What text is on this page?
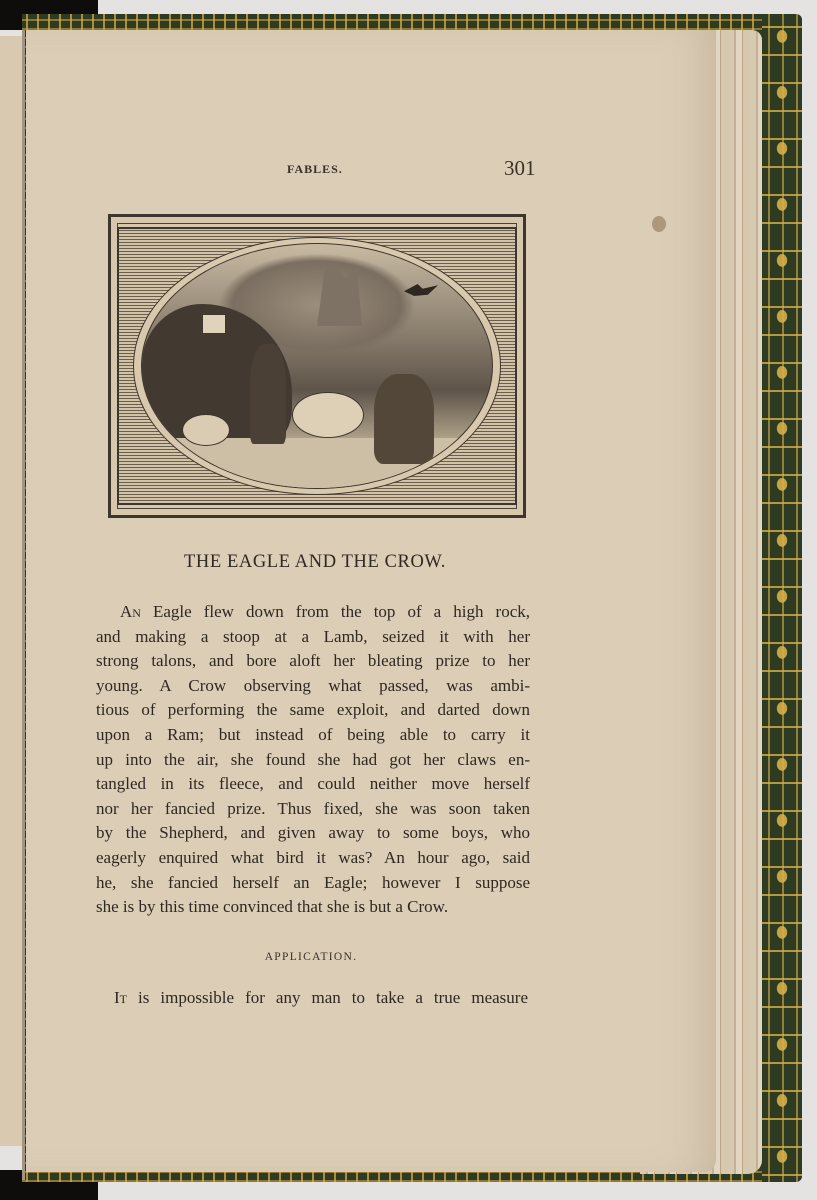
FABLES.	301
THE EAGLE AND THE CROW.
An Eagle flew down from the top of a high rock,
and making a stoop at a Lamb, seized it with her
strong talons, and bore aloft her bleating prize to her
young. A Crow observing what passed, was ambi-
tious of performing the same exploit, and darted down
upon a Ram; but instead of being able to carry it
up into the air, she found she had got her claws en-
tangled in its fleece, and could neither move herself
nor her fancied prize. Thus fixed, she was soon taken
by the Shepherd, and given away to some boys, who
eagerly enquired what bird it was? An hour ago, said
he, she fancied herself an Eagle; however I suppose
she is by this time convinced that she is but a Crow.
APPLICATION.
It is impossible for any man to take a true measure
